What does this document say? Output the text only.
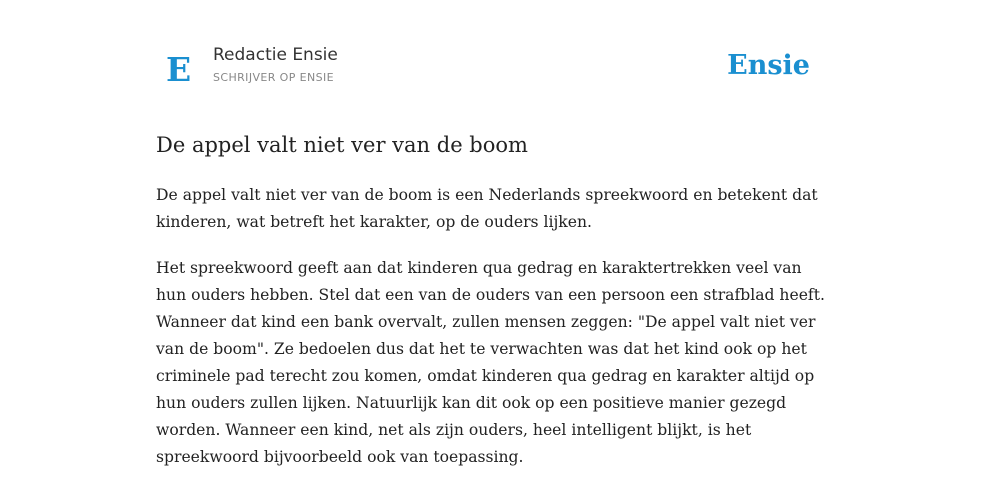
E Redactie Ensie
SCHRIJVER OP ENSIE	Ensie
De appel valt niet ver van de boom

De appel valt niet ver van de boom is een Nederlands spreekwoord en betekent dat kinderen, wat betreft het karakter, op de ouders lijken.

Het spreekwoord geeft aan dat kinderen qua gedrag en karaktertrekken veel van hun ouders hebben. Stel dat een van de ouders van een persoon een strafblad heeft. Wanneer dat kind een bank overvalt, zullen mensen zeggen: "De appel valt niet ver van de boom". Ze bedoelen dus dat het te verwachten was dat het kind ook op het criminele pad terecht zou komen, omdat kinderen qua gedrag en karakter altijd op hun ouders zullen lijken. Natuurlijk kan dit ook op een positieve manier gezegd worden. Wanneer een kind, net als zijn ouders, heel intelligent blijkt, is het spreekwoord bijvoorbeeld ook van toepassing.
